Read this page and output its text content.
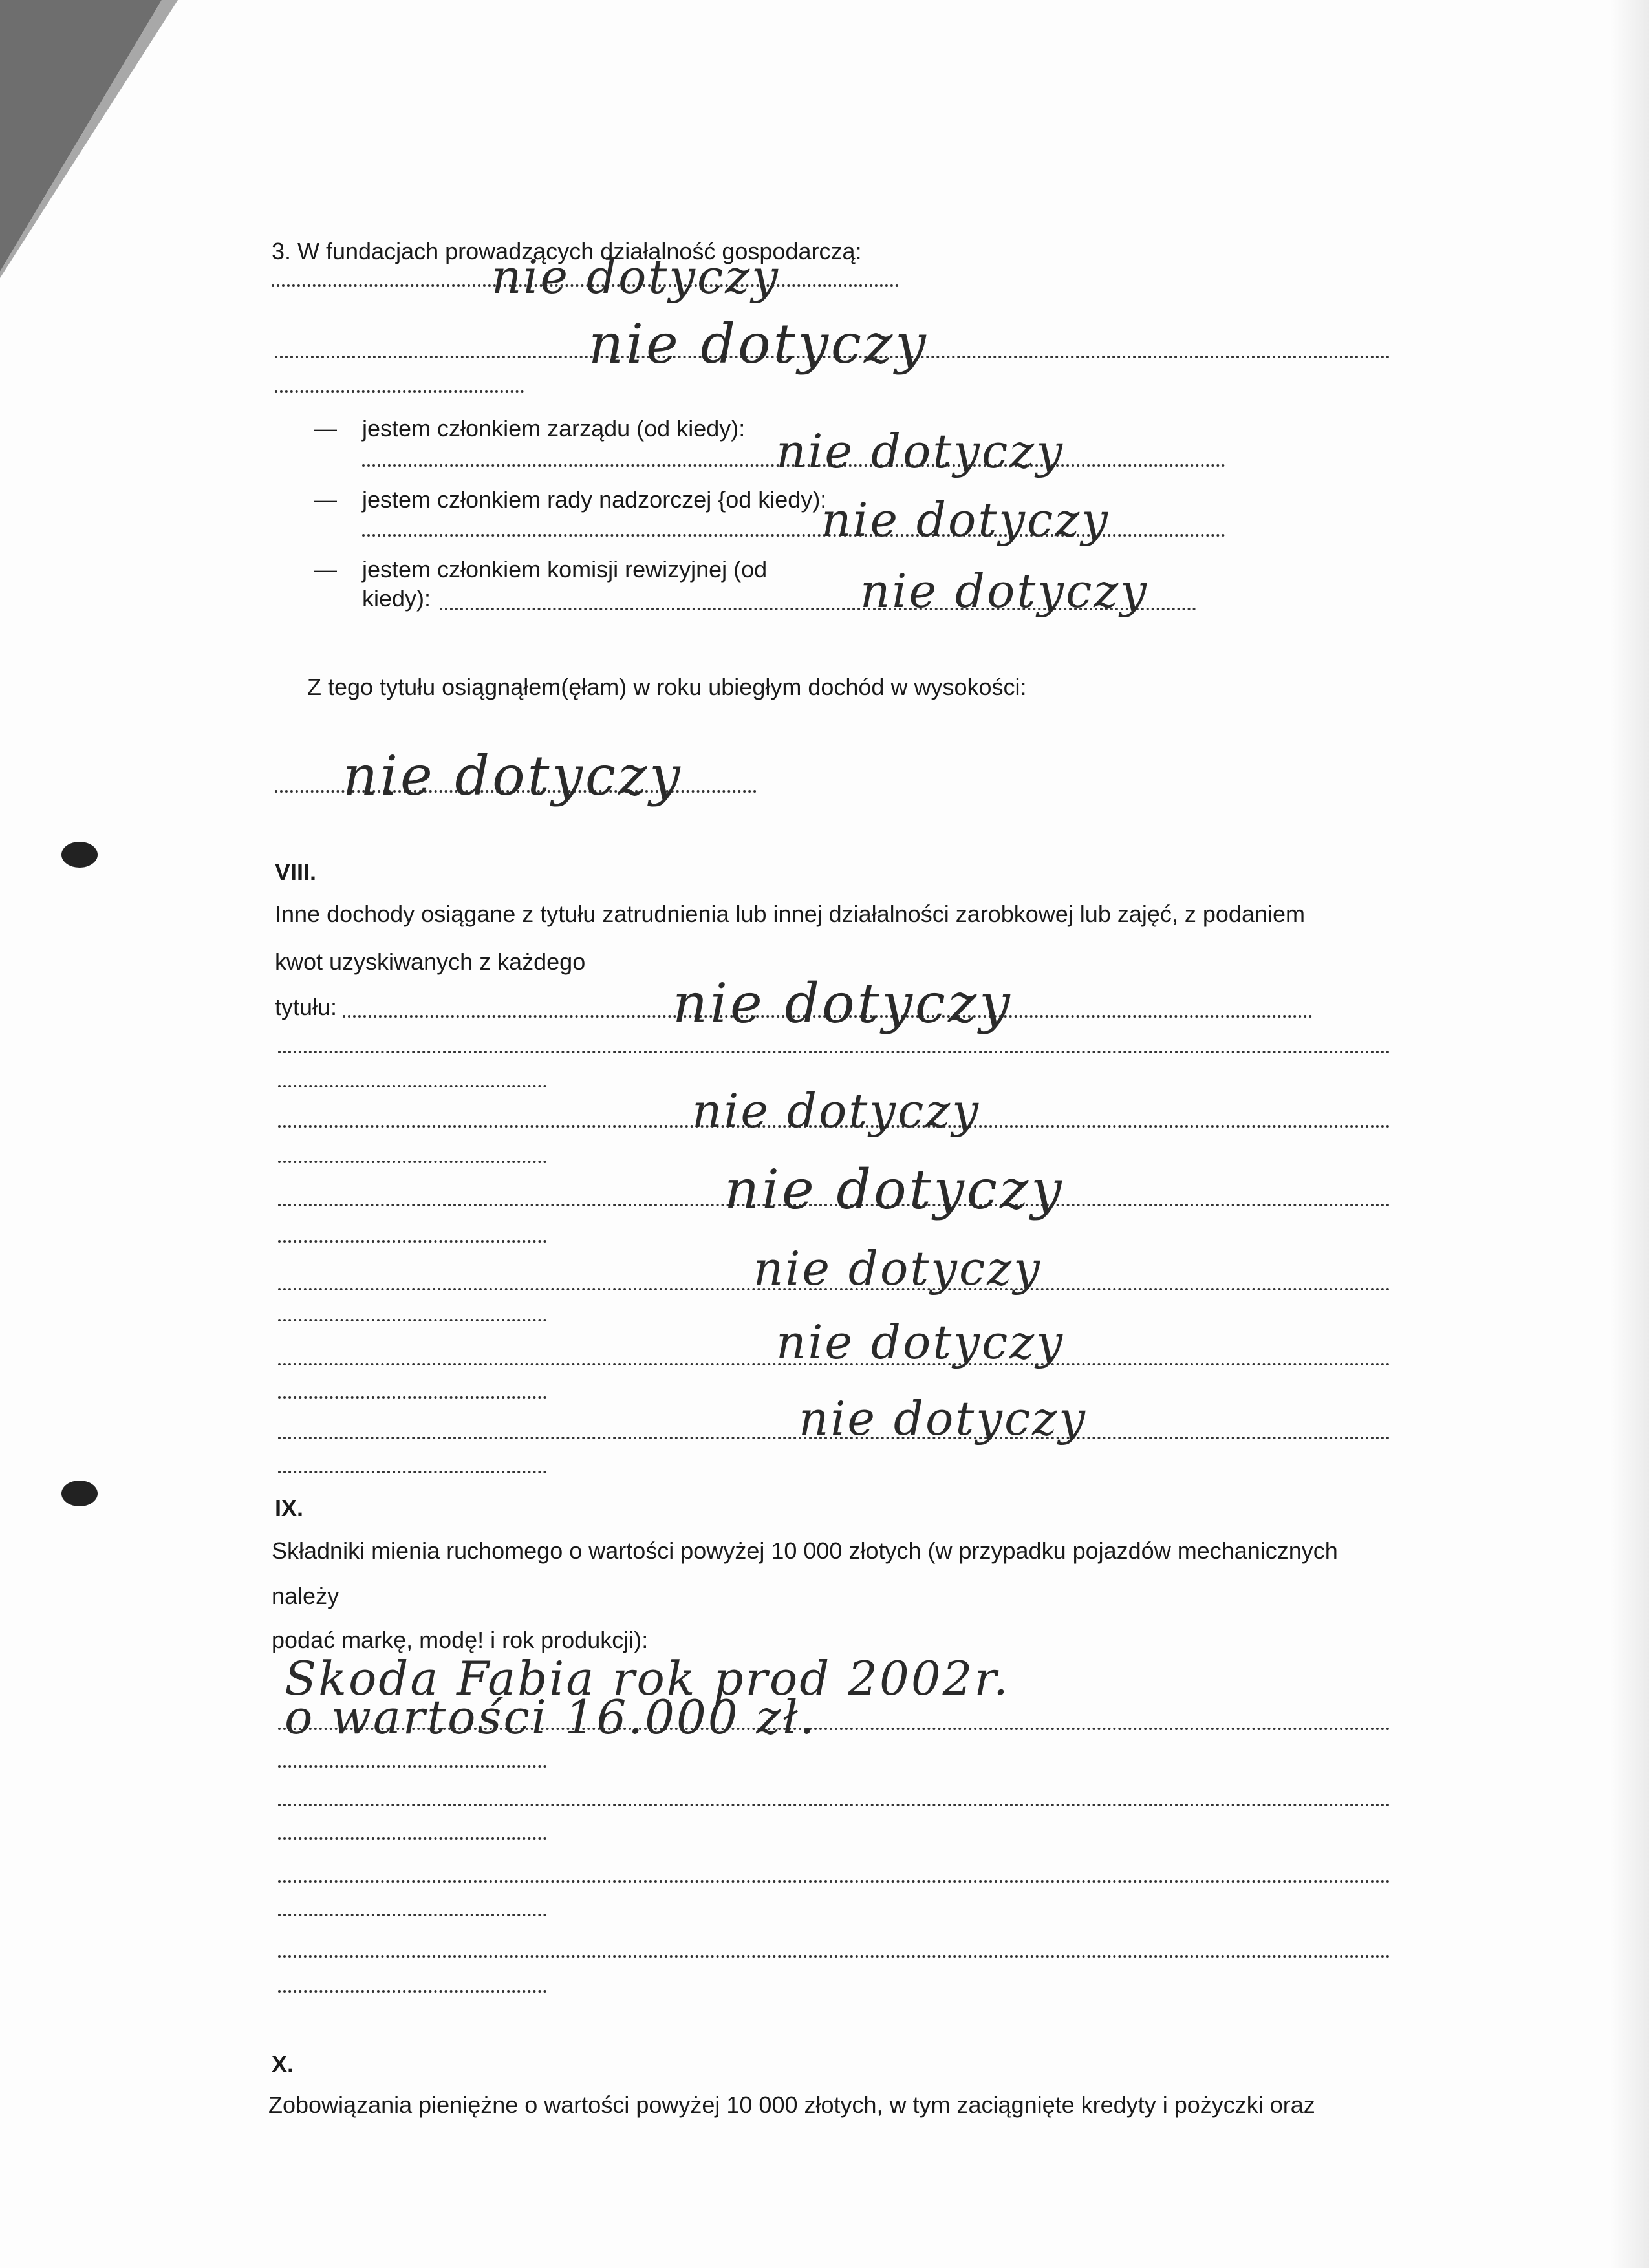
3. W fundacjach prowadzących działalność gospodarczą:
nie dotyczy
nie dotyczy
— jestem członkiem zarządu (od kiedy): nie dotyczy
— jestem członkiem rady nadzorczej {od kiedy):
nie dotyczy
— jestem członkiem komisji rewizyjnej (od
kiedy):	nie dotyczy
Z tego tytułu osiągnąłem(ęłam) w roku ubiegłym dochód w wysokości:
nie dotyczy
VIII.
Inne dochody osiągane z tytułu zatrudnienia lub innej działalności zarobkowej lub zajęć, z podaniem
kwot uzyskiwanych z każdego
tytułu:	nie dotyczy
nie dotyczy
nie dotyczy
nie dotyczy
nie dotyczy
nie dotyczy
IX.
Składniki mienia ruchomego o wartości powyżej 10 000 złotych (w przypadku pojazdów mechanicznych
należy
podać markę, modę! i rok produkcji):
Skoda Fabia rok prod 2002r.
o wartości 16.000 zł.
X.
Zobowiązania pieniężne o wartości powyżej 10 000 złotych, w tym zaciągnięte kredyty i pożyczki oraz
